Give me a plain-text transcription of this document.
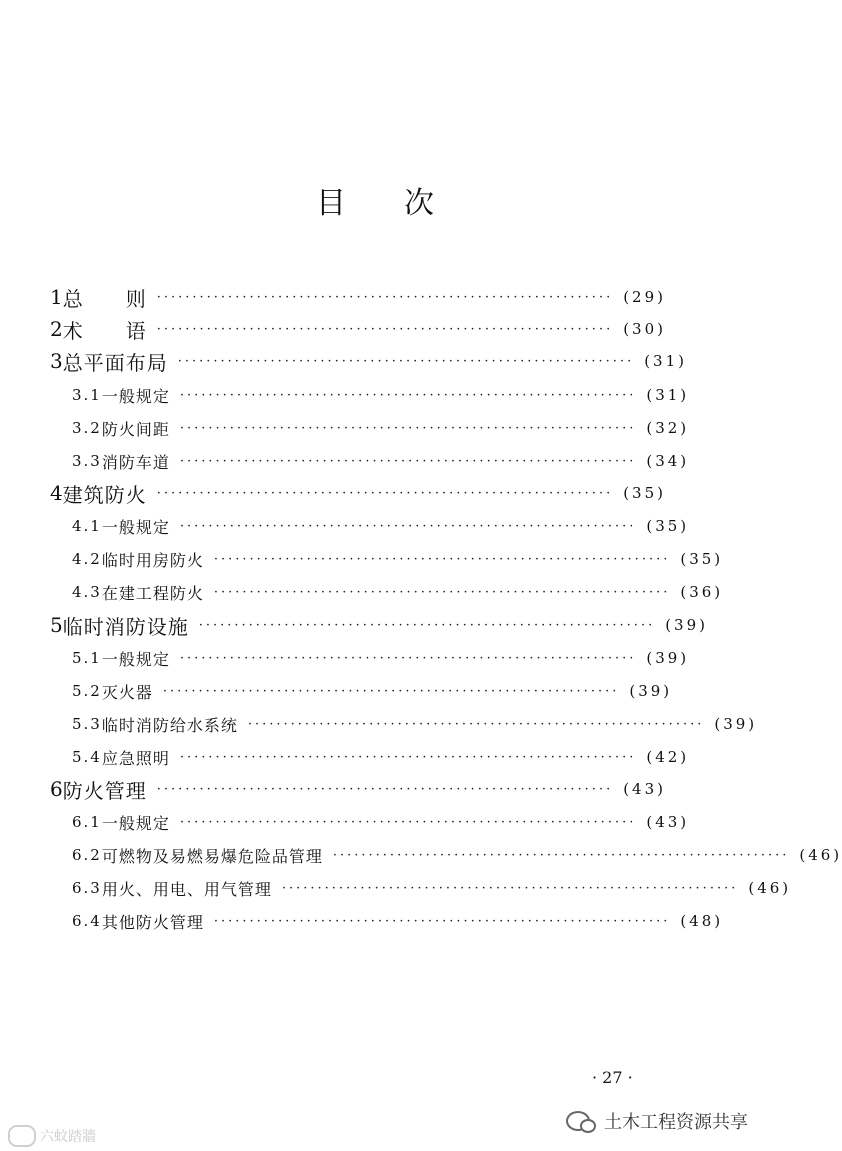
目次
1 总　　则 ································································ (29)
2 术　　语 ································································ (30)
3 总平面布局 ································································ (31)
3.1 一般规定 ································································ (31)
3.2 防火间距 ································································ (32)
3.3 消防车道 ································································ (34)
4 建筑防火 ································································ (35)
4.1 一般规定 ································································ (35)
4.2 临时用房防火 ································································ (35)
4.3 在建工程防火 ································································ (36)
5 临时消防设施 ································································ (39)
5.1 一般规定 ································································ (39)
5.2 灭火器 ································································ (39)
5.3 临时消防给水系统 ································································ (39)
5.4 应急照明 ································································ (42)
6 防火管理 ································································ (43)
6.1 一般规定 ································································ (43)
6.2 可燃物及易燃易爆危险品管理 ································································ (46)
6.3 用火、用电、用气管理 ································································ (46)
6.4 其他防火管理 ································································ (48)
· 27 ·
六蚊踏牆
土木工程资源共享
